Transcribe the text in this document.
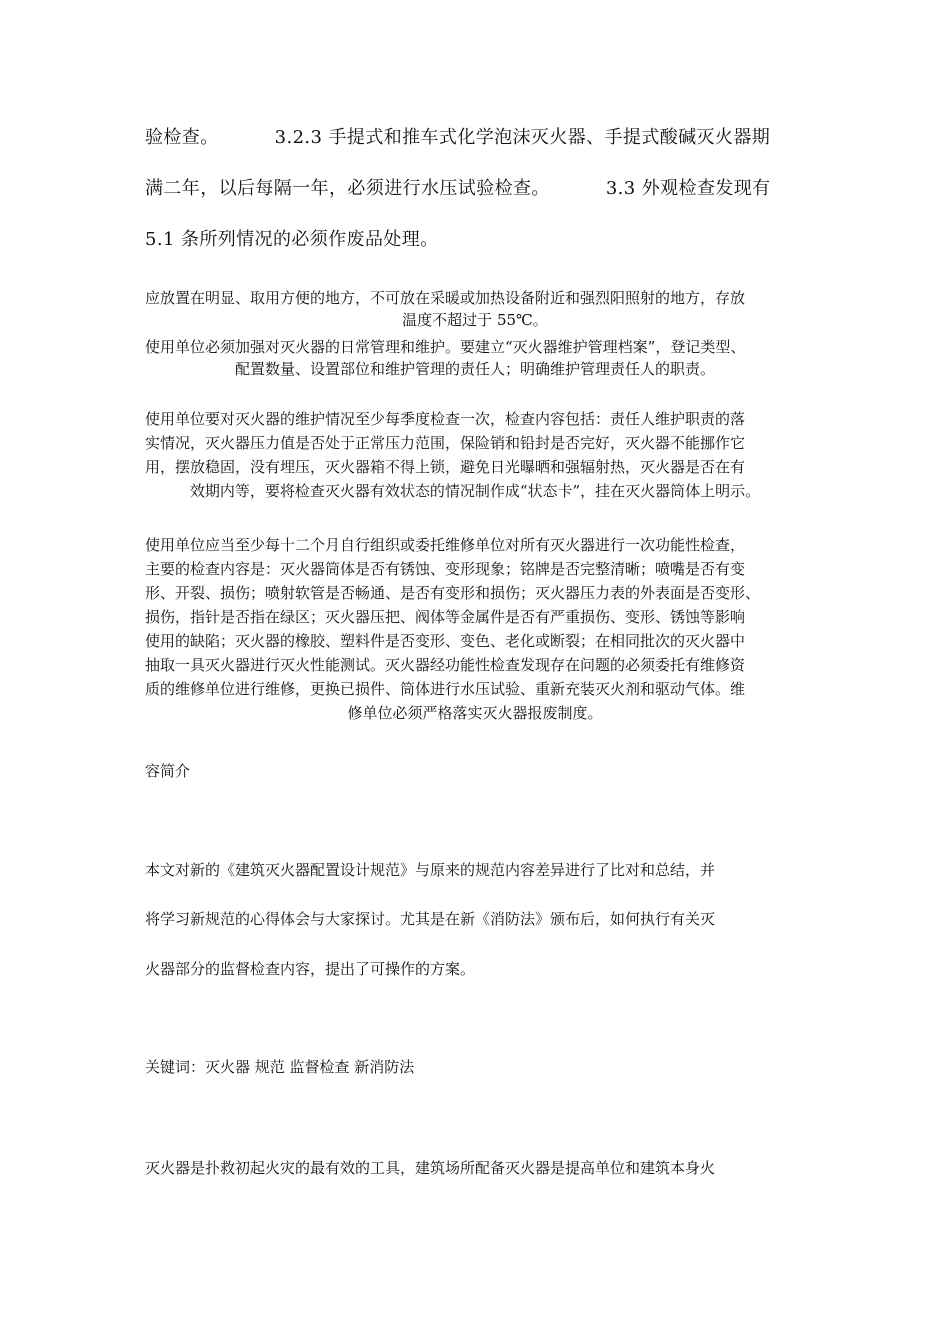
验检查。	3.2.3 手提式和推车式化学泡沫灭火器、手提式酸碱灭火器期
满二年，以后每隔一年，必须进行水压试验检查。	3.3 外观检查发现有
5.1 条所列情况的必须作废品处理。
应放置在明显、取用方便的地方，不可放在采暖或加热设备附近和强烈阳照射的地方，存放
温度不超过于 55℃。
使用单位必须加强对灭火器的日常管理和维护。要建立“灭火器维护管理档案”，登记类型、
配置数量、设置部位和维护管理的责任人；明确维护管理责任人的职责。
使用单位要对灭火器的维护情况至少每季度检查一次，检查内容包括：责任人维护职责的落
实情况，灭火器压力值是否处于正常压力范围，保险销和铅封是否完好，灭火器不能挪作它
用，摆放稳固，没有埋压，灭火器箱不得上锁，避免日光曝晒和强辐射热，灭火器是否在有
效期内等，要将检查灭火器有效状态的情况制作成“状态卡”，挂在灭火器筒体上明示。
使用单位应当至少每十二个月自行组织或委托维修单位对所有灭火器进行一次功能性检查，
主要的检查内容是：灭火器筒体是否有锈蚀、变形现象；铭牌是否完整清晰；喷嘴是否有变
形、开裂、损伤；喷射软管是否畅通、是否有变形和损伤；灭火器压力表的外表面是否变形、
损伤，指针是否指在绿区；灭火器压把、阀体等金属件是否有严重损伤、变形、锈蚀等影响
使用的缺陷；灭火器的橡胶、塑料件是否变形、变色、老化或断裂；在相同批次的灭火器中
抽取一具灭火器进行灭火性能测试。灭火器经功能性检查发现存在问题的必须委托有维修资
质的维修单位进行维修，更换已损件、筒体进行水压试验、重新充装灭火剂和驱动气体。维
修单位必须严格落实灭火器报废制度。
容简介
本文对新的《建筑灭火器配置设计规范》与原来的规范内容差异进行了比对和总结，并
将学习新规范的心得体会与大家探讨。尤其是在新《消防法》颁布后，如何执行有关灭
火器部分的监督检查内容，提出了可操作的方案。
关键词：灭火器 规范 监督检查 新消防法
灭火器是扑救初起火灾的最有效的工具，建筑场所配备灭火器是提高单位和建筑本身火
